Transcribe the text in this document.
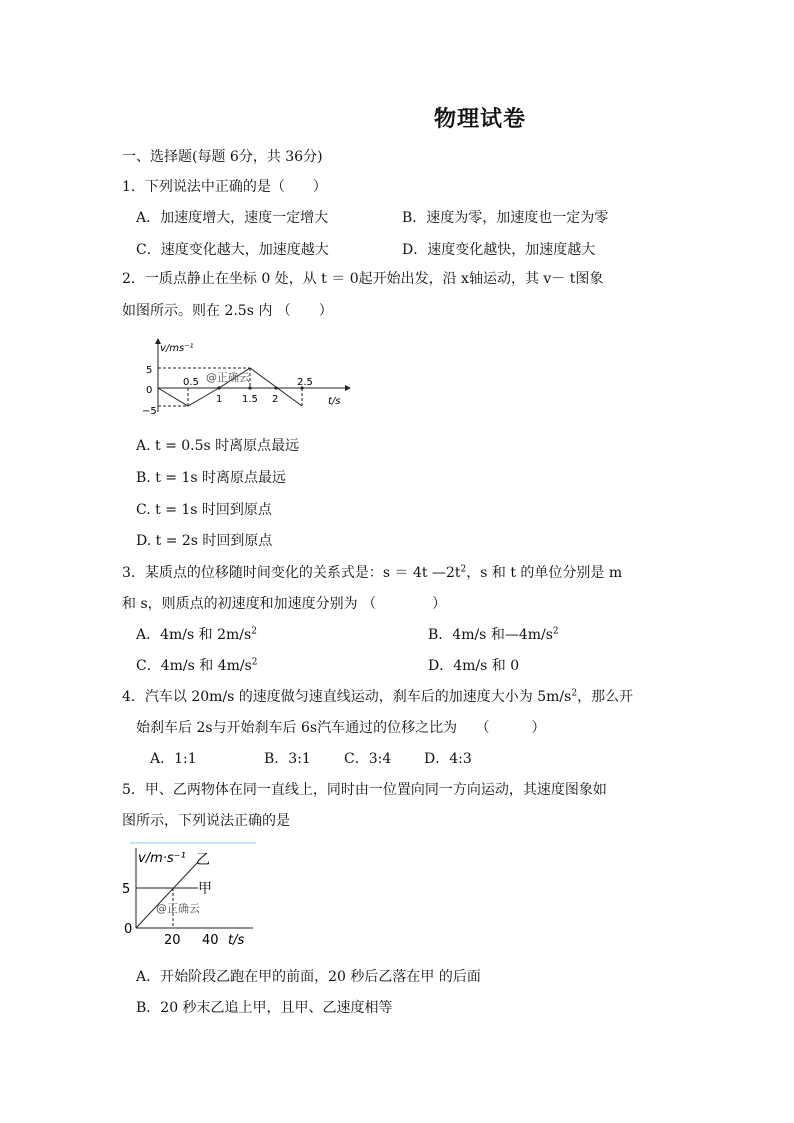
物理试卷
一、选择题(每题 6分，共 36分)
1．下列说法中正确的是（　　）
A．加速度增大，速度一定增大	B．速度为零，加速度也一定为零
C．速度变化越大，加速度越大	D．速度变化越快，加速度越大
2．一质点静止在坐标 0 处，从 t ＝ 0起开始出发，沿 x轴运动，其 v－ t图象
如图所示。则在 2.5s 内 （　　）
v/ms⁻¹
5
0
−5
0.5
1 1.5 2
2.5
t/s
@正确云
A. t = 0.5s 时离原点最远
B. t = 1s 时离原点最远
C. t = 1s 时回到原点
D. t = 2s 时回到原点
3．某质点的位移随时间变化的关系式是：s ＝ 4t $—2t^2$，s 和 t 的单位分别是 m
和 s，则质点的初速度和加速度分别为 （　　　　）
A．4m/s 和 $2m/s^2$	B．4m/s 和$—4m/s^2$
C．4m/s 和 $4m/s^2$	D．4m/s 和 0
4．汽车以 20m/s 的速度做匀速直线运动，刹车后的加速度大小为 $5m/s^2$，那么开
始刹车后 2s与开始刹车后 6s汽车通过的位移之比为　 （　　　）
A．1:1	B．3:1 C．3:4 D．4:3
5．甲、乙两物体在同一直线上，同时由一位置向同一方向运动，其速度图象如
图所示，下列说法正确的是
v/m·s⁻¹ 乙
甲
5
0
20 40 t/s
@正确云
A．开始阶段乙跑在甲的前面，20 秒后乙落在甲 的后面
B．20 秒末乙追上甲，且甲、乙速度相等
